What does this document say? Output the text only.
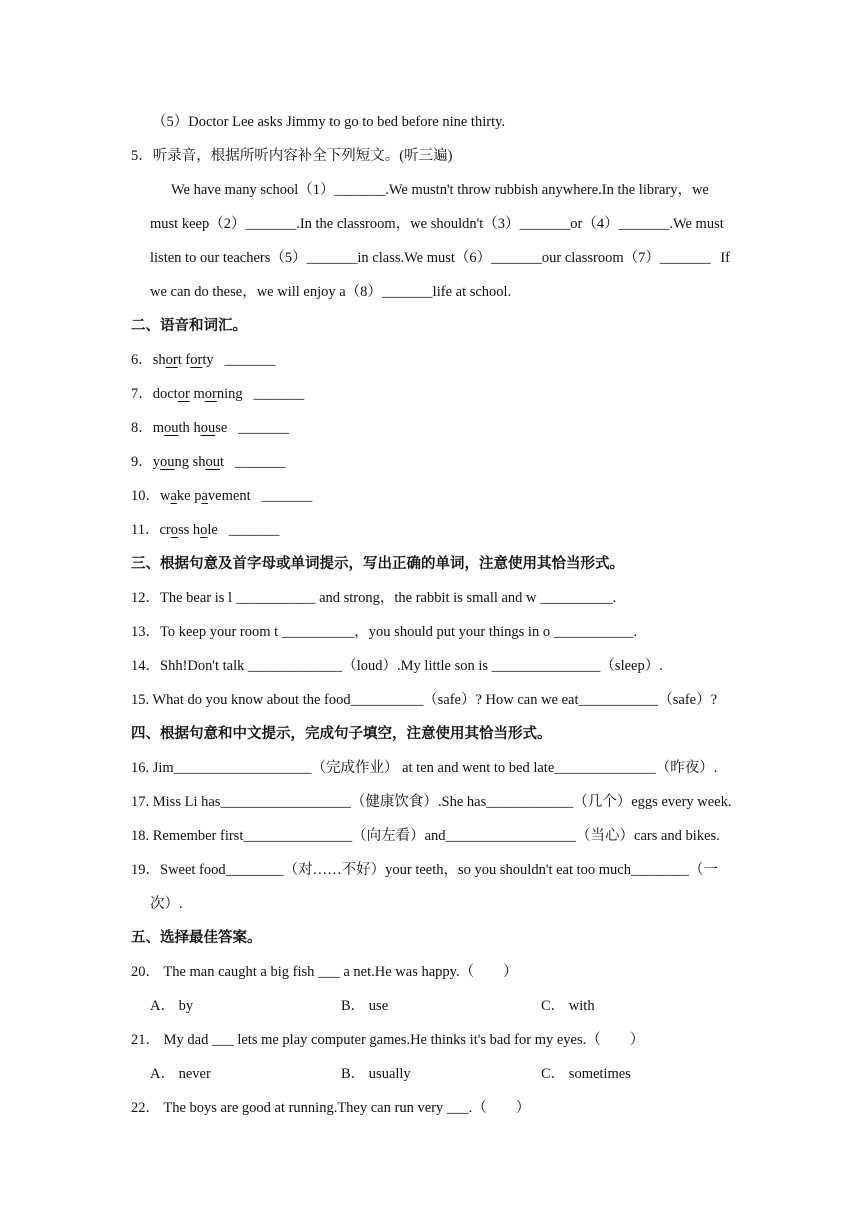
（5）Doctor Lee asks Jimmy to go to bed before nine thirty.
5．听录音，根据所听内容补全下列短文。(听三遍)
We have many school（1）_______.We mustn't throw rubbish anywhere.In the library，we
must keep（2）_______.In the classroom，we shouldn't（3）_______or（4）_______.We must
listen to our teachers（5）_______in class.We must（6）_______our classroom（7）_______ If
we can do these，we will enjoy a（8）_______life at school.
二、语音和词汇。
6．short forty _______
7．doctor morning _______
8．mouth house _______
9．young shout _______
10．wake pavement _______
11．cross hole _______
三、根据句意及首字母或单词提示，写出正确的单词，注意使用其恰当形式。
12．The bear is l ___________ and strong，the rabbit is small and w __________.
13．To keep your room t __________，you should put your things in o ___________.
14．Shh!Don't talk _____________（loud）.My little son is _______________（sleep）.
15. What do you know about the food__________（safe）? How can we eat___________（safe）?
四、根据句意和中文提示，完成句子填空，注意使用其恰当形式。
16. Jim___________________（完成作业） at ten and went to bed late______________（昨夜）.
17. Miss Li has__________________（健康饮食）.She has____________（几个）eggs every week.
18. Remember first_______________（向左看）and__________________（当心）cars and bikes.
19．Sweet food________（对……不好）your teeth，so you shouldn't eat too much________（一
次）.
五、选择最佳答案。
20． The man caught a big fish ___ a net.He was happy.（　　）
A． by	B． use	C． with
21． My dad ___ lets me play computer games.He thinks it's bad for my eyes.（　　）
A． never	B． usually	C． sometimes
22． The boys are good at running.They can run very ___.（　　）
